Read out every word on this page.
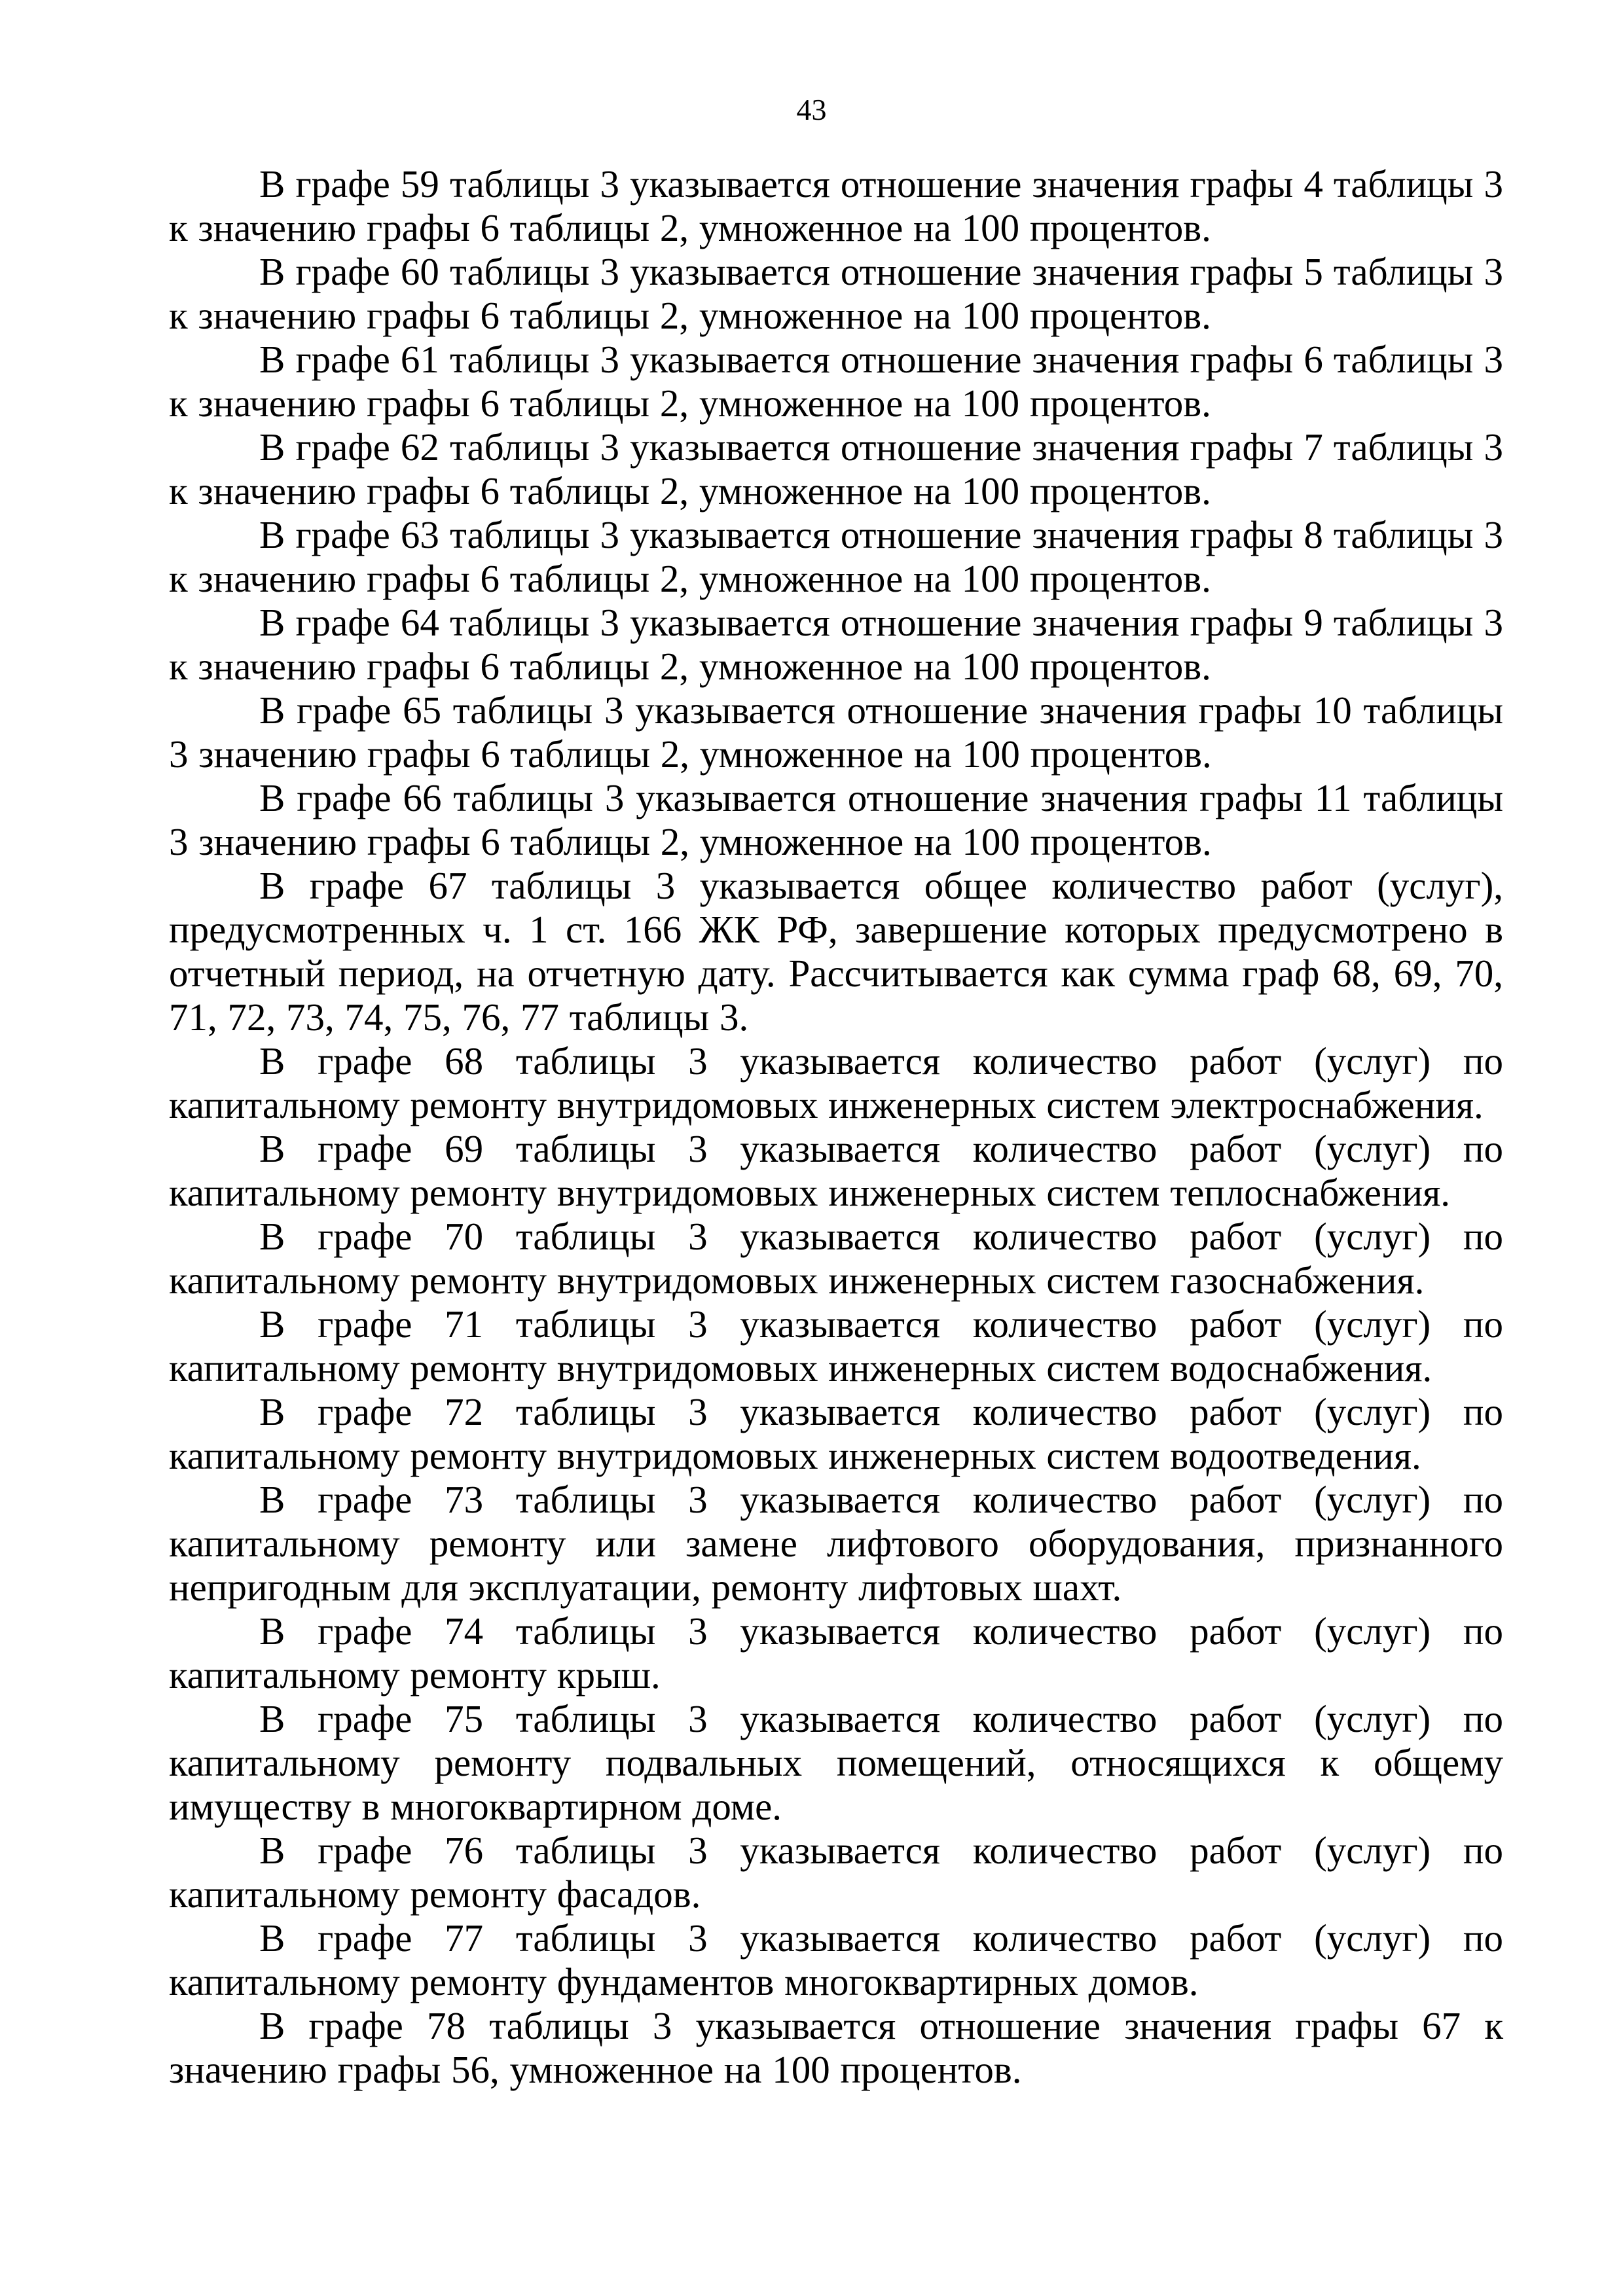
43

В графе 59 таблицы 3 указывается отношение значения графы 4 таблицы 3 к значению графы 6 таблицы 2, умноженное на 100 процентов.

В графе 60 таблицы 3 указывается отношение значения графы 5 таблицы 3 к значению графы 6 таблицы 2, умноженное на 100 процентов.

В графе 61 таблицы 3 указывается отношение значения графы 6 таблицы 3 к значению графы 6 таблицы 2, умноженное на 100 процентов.

В графе 62 таблицы 3 указывается отношение значения графы 7 таблицы 3 к значению графы 6 таблицы 2, умноженное на 100 процентов.

В графе 63 таблицы 3 указывается отношение значения графы 8 таблицы 3 к значению графы 6 таблицы 2, умноженное на 100 процентов.

В графе 64 таблицы 3 указывается отношение значения графы 9 таблицы 3 к значению графы 6 таблицы 2, умноженное на 100 процентов.

В графе 65 таблицы 3 указывается отношение значения графы 10 таблицы 3 значению графы 6 таблицы 2, умноженное на 100 процентов.

В графе 66 таблицы 3 указывается отношение значения графы 11 таблицы 3 значению графы 6 таблицы 2, умноженное на 100 процентов.

В графе 67 таблицы 3 указывается общее количество работ (услуг), предусмотренных ч. 1 ст. 166 ЖК РФ, завершение которых предусмотрено в отчетный период, на отчетную дату. Рассчитывается как сумма граф 68, 69, 70, 71, 72, 73, 74, 75, 76, 77 таблицы 3.

В графе 68 таблицы 3 указывается количество работ (услуг) по капитальному ремонту внутридомовых инженерных систем электроснабжения.

В графе 69 таблицы 3 указывается количество работ (услуг) по капитальному ремонту внутридомовых инженерных систем теплоснабжения.

В графе 70 таблицы 3 указывается количество работ (услуг) по капитальному ремонту внутридомовых инженерных систем газоснабжения.

В графе 71 таблицы 3 указывается количество работ (услуг) по капитальному ремонту внутридомовых инженерных систем водоснабжения.

В графе 72 таблицы 3 указывается количество работ (услуг) по капитальному ремонту внутридомовых инженерных систем водоотведения.

В графе 73 таблицы 3 указывается количество работ (услуг) по капитальному ремонту или замене лифтового оборудования, признанного непригодным для эксплуатации, ремонту лифтовых шахт.

В графе 74 таблицы 3 указывается количество работ (услуг) по капитальному ремонту крыш.

В графе 75 таблицы 3 указывается количество работ (услуг) по капитальному ремонту подвальных помещений, относящихся к общему имуществу в многоквартирном доме.

В графе 76 таблицы 3 указывается количество работ (услуг) по капитальному ремонту фасадов.

В графе 77 таблицы 3 указывается количество работ (услуг) по капитальному ремонту фундаментов многоквартирных домов.

В графе 78 таблицы 3 указывается отношение значения графы 67 к значению графы 56, умноженное на 100 процентов.
